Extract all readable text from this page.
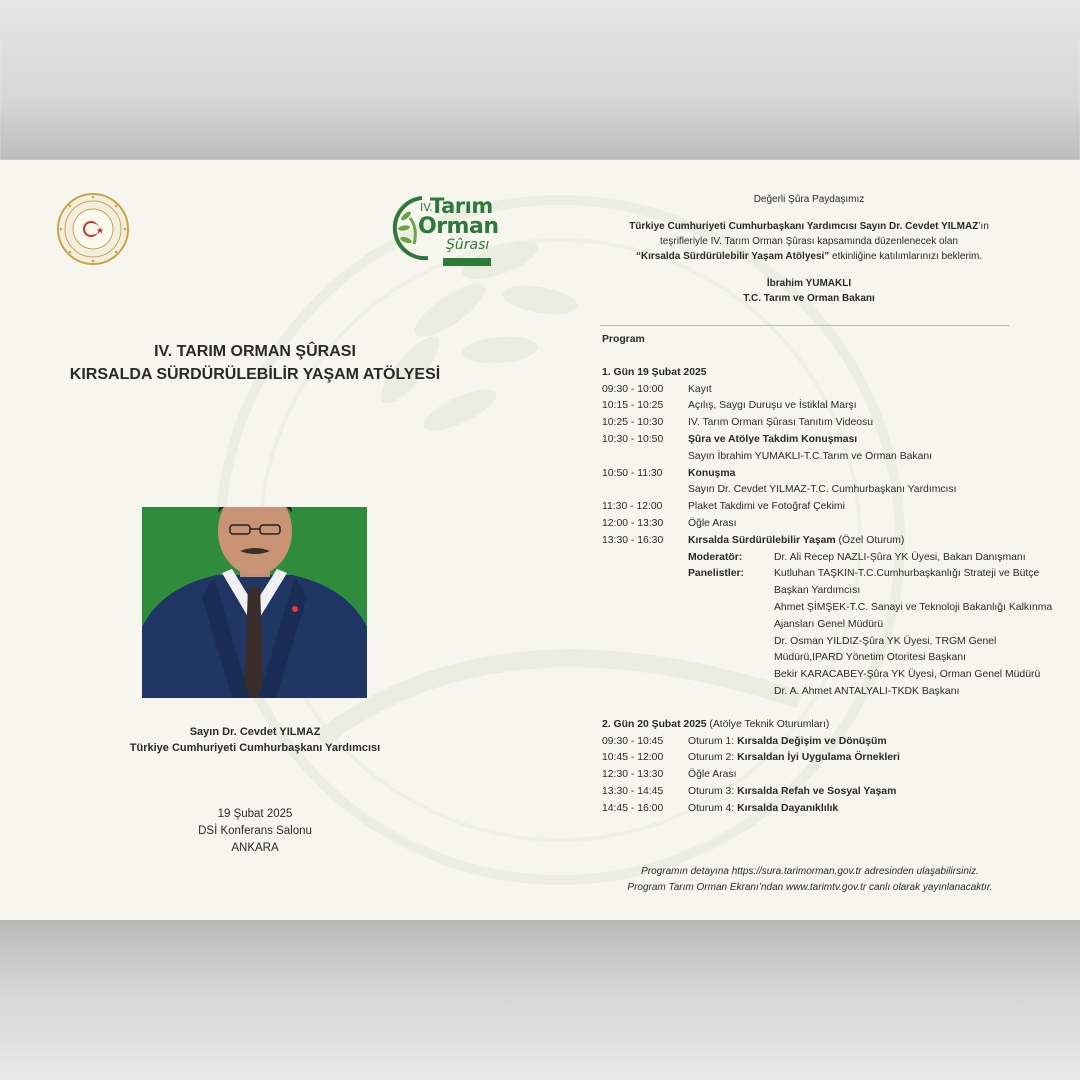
IV.
Tarım
Orman
Şûrası
IV. TARIM ORMAN ŞÛRASI
KIRSALDA SÜRDÜRÜLEBİLİR YAŞAM ATÖLYESİ
Sayın Dr. Cevdet YILMAZ
Türkiye Cumhuriyeti Cumhurbaşkanı Yardımcısı
19 Şubat 2025
DSİ Konferans Salonu
ANKARA
Değerli Şûra Paydaşımız
Türkiye Cumhuriyeti Cumhurbaşkanı Yardımcısı Sayın Dr. Cevdet YILMAZ’ın
teşrifleriyle IV. Tarım Orman Şûrası kapsamında düzenlenecek olan
“Kırsalda Sürdürülebilir Yaşam Atölyesi” etkinliğine katılımlarınızı beklerim.
İbrahim YUMAKLI
T.C. Tarım ve Orman Bakanı
Program
1. Gün 19 Şubat 2025
09:30 - 10:00	Kayıt
10:15 - 10:25	Açılış, Saygı Duruşu ve İstiklal Marşı
10:25 - 10:30	IV. Tarım Orman Şûrası Tanıtım Videosu
10:30 - 10:50	Şûra ve Atölye Takdim Konuşması
Sayın İbrahim YUMAKLI-T.C.Tarım ve Orman Bakanı
10:50 - 11:30	Konuşma
Sayın Dr. Cevdet YILMAZ-T.C. Cumhurbaşkanı Yardımcısı
11:30 - 12:00	Plaket Takdimi ve Fotoğraf Çekimi
12:00 - 13:30	Öğle Arası
13:30 - 16:30	Kırsalda Sürdürülebilir Yaşam (Özel Oturum)
Moderatör:	Dr. Ali Recep NAZLI-Şûra YK Üyesi, Bakan Danışmanı
Panelistler:	Kutluhan TAŞKIN-T.C.Cumhurbaşkanlığı Strateji ve Bütçe Başkan Yardımcısı
Ahmet ŞİMŞEK-T.C. Sanayi ve Teknoloji Bakanlığı Kalkınma Ajansları Genel Müdürü
Dr. Osman YILDIZ-Şûra YK Üyesi, TRGM Genel Müdürü,IPARD Yönetim Otoritesi Başkanı
Bekir KARACABEY-Şûra YK Üyesi, Orman Genel Müdürü
Dr. A. Ahmet ANTALYALI-TKDK Başkanı
2. Gün 20 Şubat 2025 (Atölye Teknik Oturumları)
09:30 - 10:45	Oturum 1: Kırsalda Değişim ve Dönüşüm
10:45 - 12:00	Oturum 2: Kırsaldan İyi Uygulama Örnekleri
12:30 - 13:30	Öğle Arası
13:30 - 14:45	Oturum 3: Kırsalda Refah ve Sosyal Yaşam
14:45 - 16:00	Oturum 4: Kırsalda Dayanıklılık
Programın detayına https://sura.tarimorman.gov.tr adresinden ulaşabilirsiniz.
Program Tarım Orman Ekranı’ndan www.tarimtv.gov.tr canlı olarak yayınlanacaktır.
